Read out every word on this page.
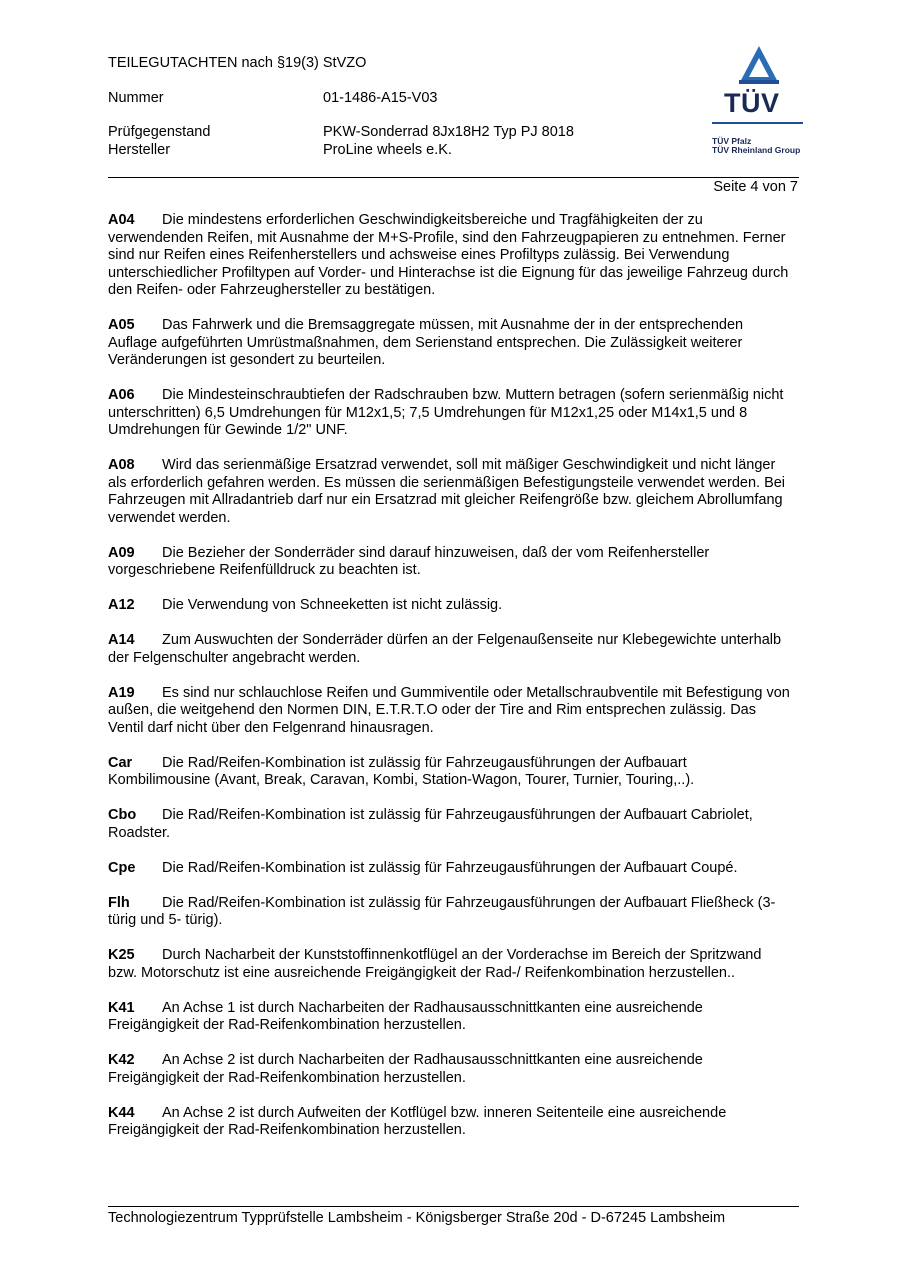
TEILEGUTACHTEN nach §19(3) StVZO
Nummer	01-1486-A15-V03
Prüfgegenstand	PKW-Sonderrad 8Jx18H2 Typ PJ 8018
Hersteller	ProLine wheels e.K.
TÜV
TÜV Pfalz
TÜV Rheinland Group
Seite 4 von 7

A04 Die mindestens erforderlichen Geschwindigkeitsbereiche und Tragfähigkeiten der zu verwendenden Reifen, mit Ausnahme der M+S-Profile, sind den Fahrzeugpapieren zu entnehmen. Ferner sind nur Reifen eines Reifenherstellers und achsweise eines Profiltyps zulässig. Bei Verwendung unterschiedlicher Profiltypen auf Vorder- und Hinterachse ist die Eignung für das jeweilige Fahrzeug durch den Reifen- oder Fahrzeughersteller zu bestätigen.

A05 Das Fahrwerk und die Bremsaggregate müssen, mit Ausnahme der in der entsprechenden Auflage aufgeführten Umrüstmaßnahmen, dem Serienstand entsprechen. Die Zulässigkeit weiterer Veränderungen ist gesondert zu beurteilen.

A06 Die Mindesteinschraubtiefen der Radschrauben bzw. Muttern betragen (sofern serienmäßig nicht unterschritten) 6,5 Umdrehungen für M12x1,5; 7,5 Umdrehungen für M12x1,25 oder M14x1,5 und 8 Umdrehungen für Gewinde 1/2" UNF.

A08 Wird das serienmäßige Ersatzrad verwendet, soll mit mäßiger Geschwindigkeit und nicht länger als erforderlich gefahren werden. Es müssen die serienmäßigen Befestigungsteile verwendet werden. Bei Fahrzeugen mit Allradantrieb darf nur ein Ersatzrad mit gleicher Reifengröße bzw. gleichem Abrollumfang verwendet werden.

A09 Die Bezieher der Sonderräder sind darauf hinzuweisen, daß der vom Reifenhersteller vorgeschriebene Reifenfülldruck zu beachten ist.

A12 Die Verwendung von Schneeketten ist nicht zulässig.

A14 Zum Auswuchten der Sonderräder dürfen an der Felgenaußenseite nur Klebegewichte unterhalb der Felgenschulter angebracht werden.

A19 Es sind nur schlauchlose Reifen und Gummiventile oder Metallschraubventile mit Befestigung von außen, die weitgehend den Normen DIN, E.T.R.T.O oder der Tire and Rim entsprechen zulässig. Das Ventil darf nicht über den Felgenrand hinausragen.

Car Die Rad/Reifen-Kombination ist zulässig für Fahrzeugausführungen der Aufbauart Kombilimousine (Avant, Break, Caravan, Kombi, Station-Wagon, Tourer, Turnier, Touring,..).

Cbo Die Rad/Reifen-Kombination ist zulässig für Fahrzeugausführungen der Aufbauart Cabriolet, Roadster.

Cpe Die Rad/Reifen-Kombination ist zulässig für Fahrzeugausführungen der Aufbauart Coupé.

Flh Die Rad/Reifen-Kombination ist zulässig für Fahrzeugausführungen der Aufbauart Fließheck (3- türig und 5- türig).

K25 Durch Nacharbeit der Kunststoffinnenkotflügel an der Vorderachse im Bereich der Spritzwand bzw. Motorschutz ist eine ausreichende Freigängigkeit der Rad-/ Reifenkombination herzustellen..

K41 An Achse 1 ist durch Nacharbeiten der Radhausausschnittkanten eine ausreichende Freigängigkeit der Rad-Reifenkombination herzustellen.

K42 An Achse 2 ist durch Nacharbeiten der Radhausausschnittkanten eine ausreichende Freigängigkeit der Rad-Reifenkombination herzustellen.

K44 An Achse 2 ist durch Aufweiten der Kotflügel bzw. inneren Seitenteile eine ausreichende Freigängigkeit der Rad-Reifenkombination herzustellen.

Technologiezentrum Typprüfstelle Lambsheim - Königsberger Straße 20d - D-67245 Lambsheim
